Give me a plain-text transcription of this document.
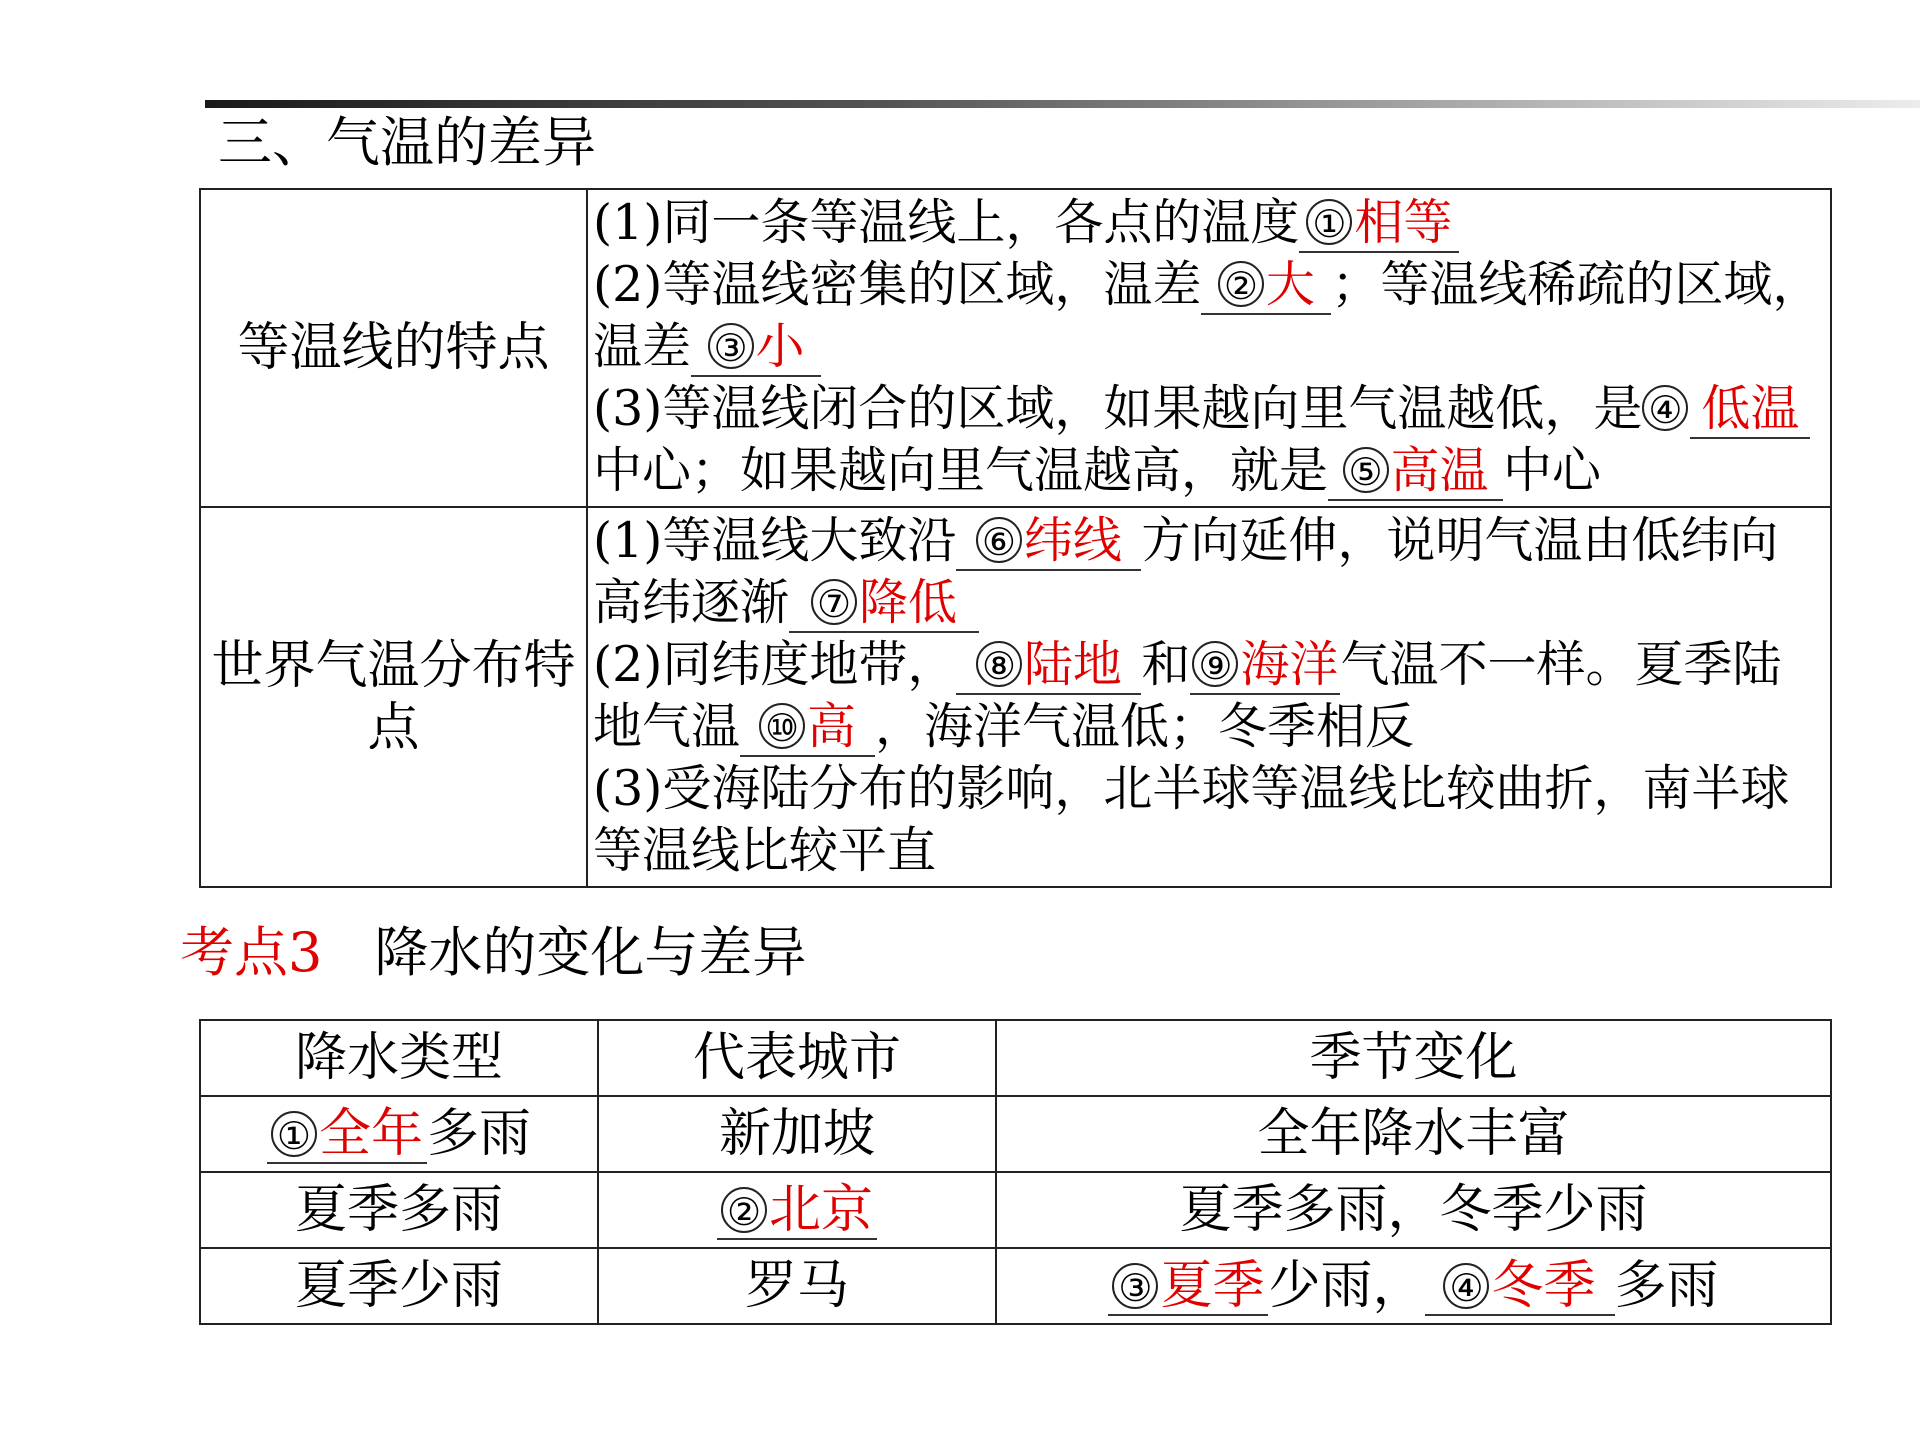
三、气温的差异
等温线的特点	(1)同一条等温线上，各点的温度 ① 相等

(2)等温线密集的区域，温差 ② 大 ；等温线稀疏的区域，温差 ③ 小

(3)等温线闭合的区域，如果越向里气温越低，是 ④ 低温中心；如果越向里气温越高，就是 ⑤ 高温 中心

世界气温分布特点	(1)等温线大致沿 ⑥ 纬线 方向延伸，说明气温由低纬向高纬逐渐 ⑦ 降低

(2)同纬度地带， ⑧ 陆地 和 ⑨ 海洋气温不一样。夏季陆地气温 ⑩ 高 ，海洋气温低；冬季相反

(3)受海陆分布的影响，北半球等温线比较曲折，南半球等温线比较平直

考点3 降水的变化与差异
降水类型	代表城市	季节变化
① 全年多雨	新加坡	全年降水丰富
夏季多雨	② 北京	夏季多雨，冬季少雨
夏季少雨	罗马	③ 夏季少雨， ④ 冬季 多雨
